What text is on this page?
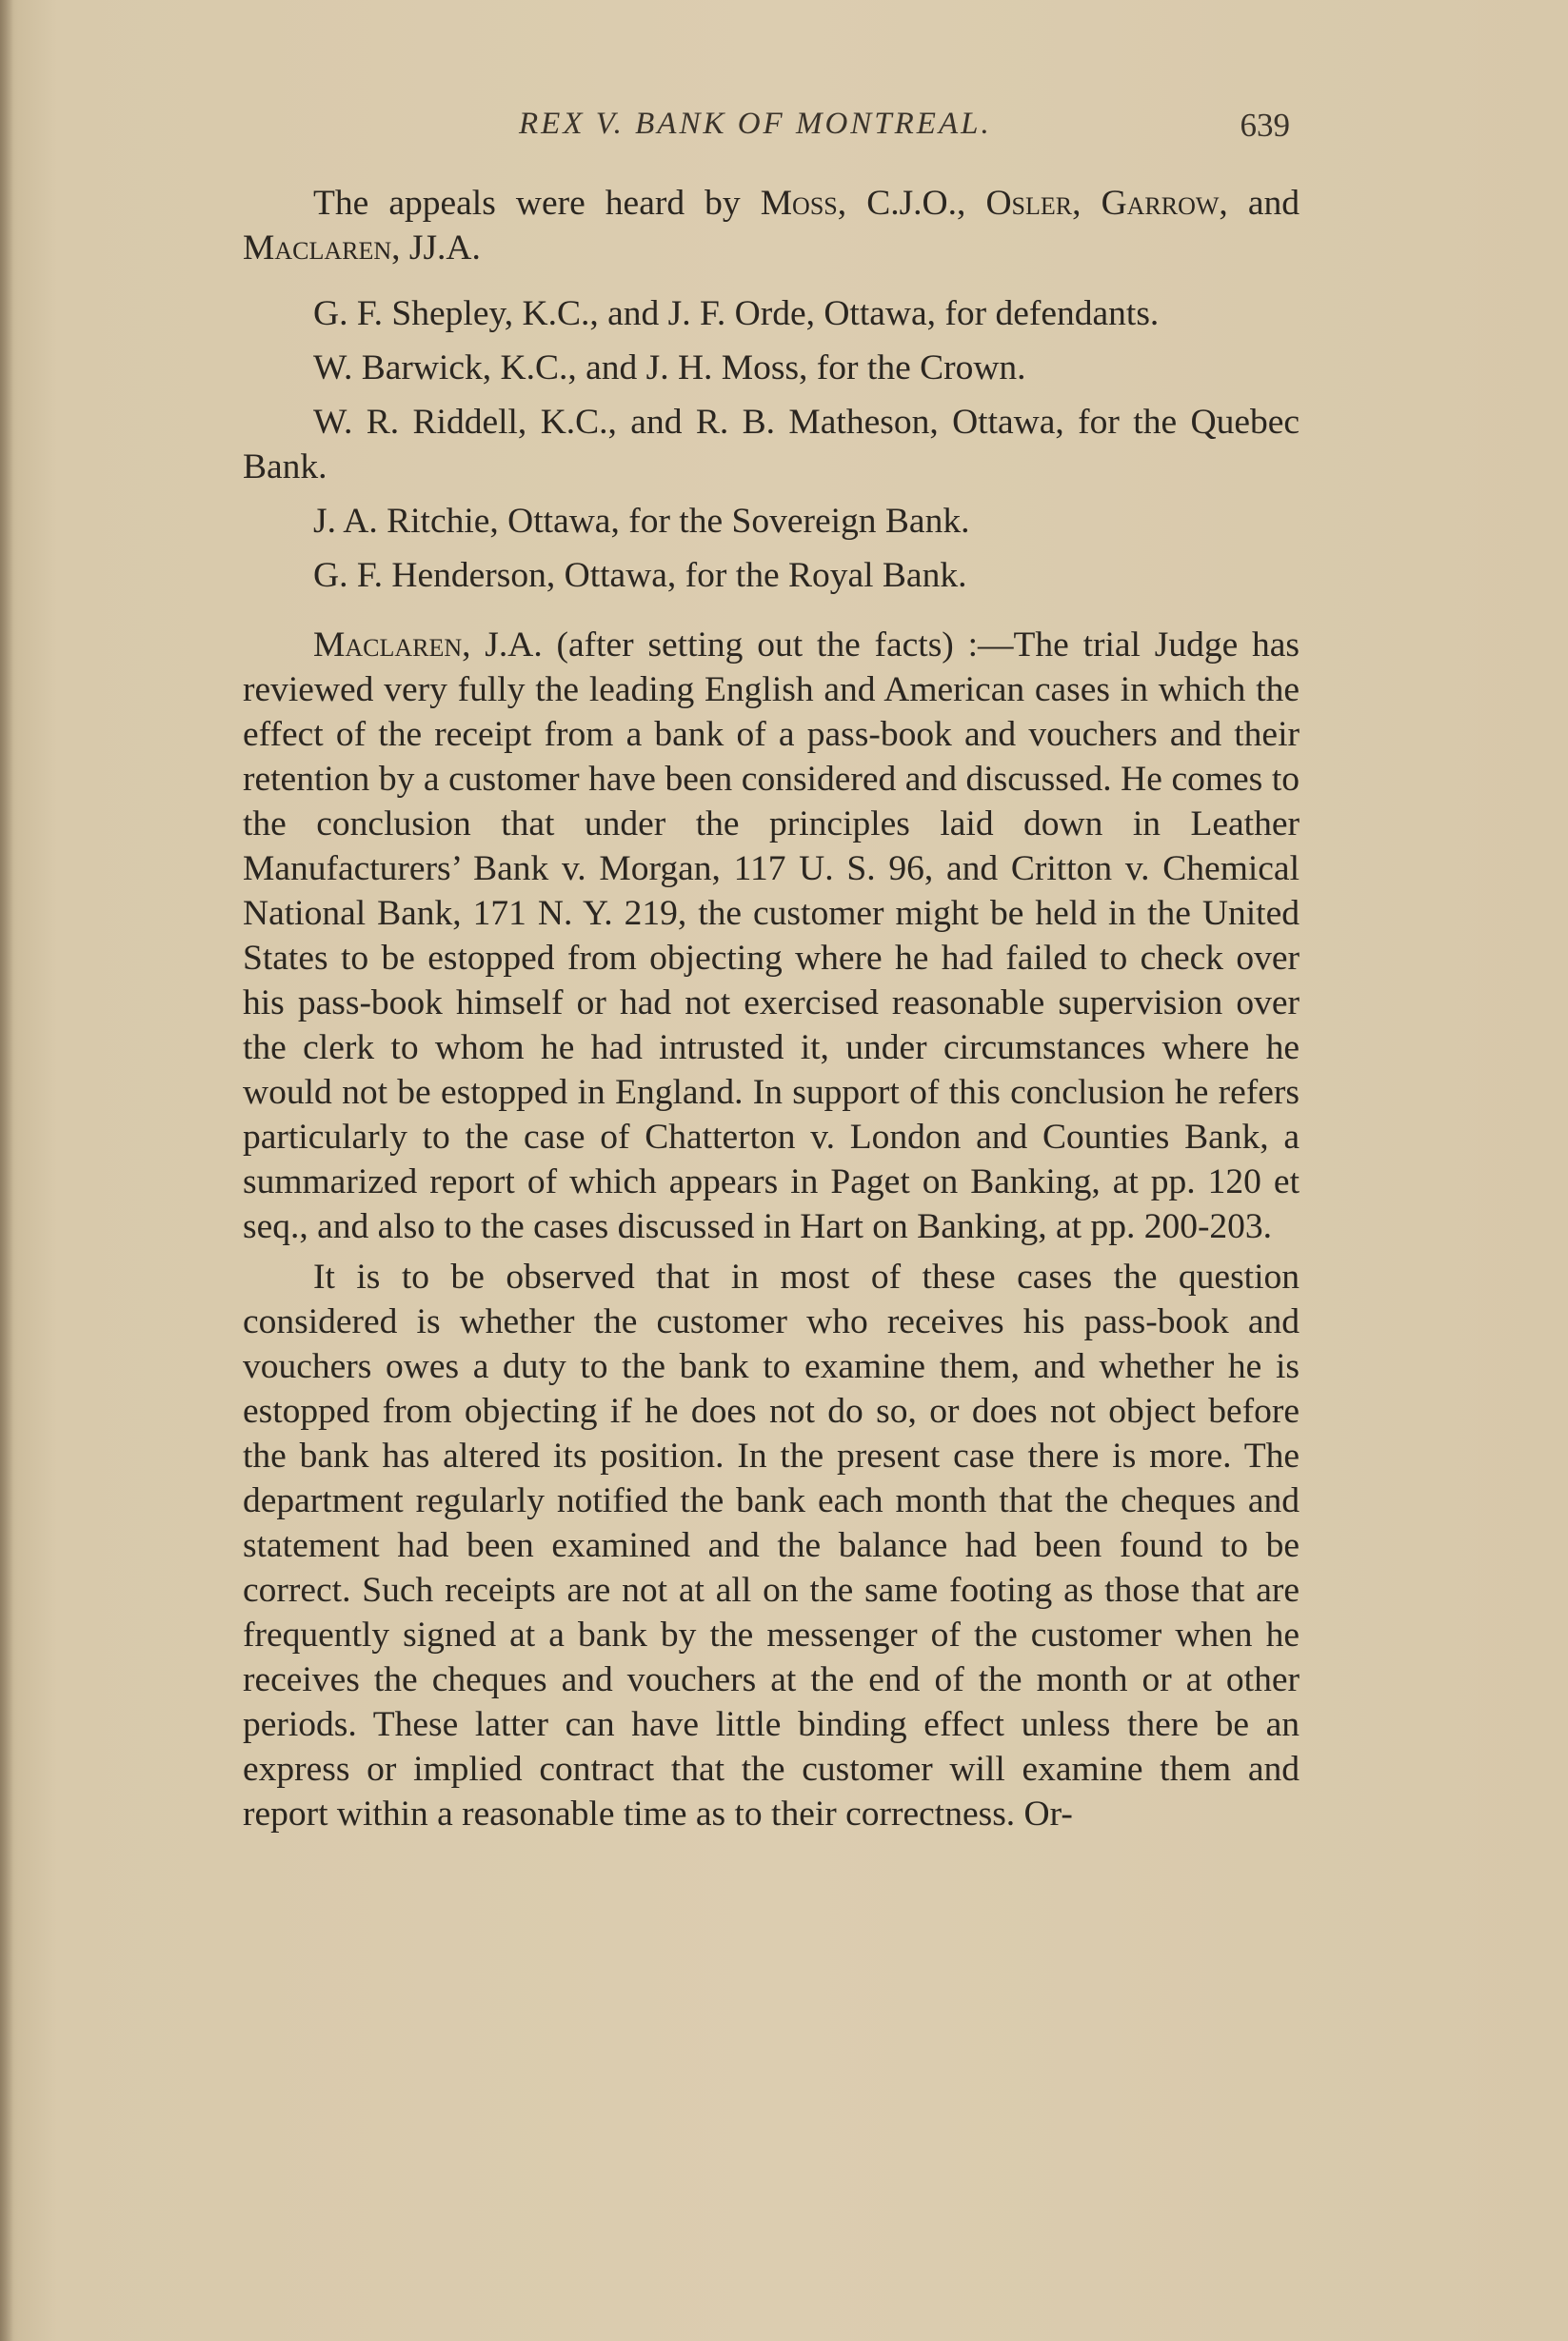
REX V. BANK OF MONTREAL.	639

The appeals were heard by Moss, C.J.O., Osler, Garrow, and Maclaren, JJ.A.

G. F. Shepley, K.C., and J. F. Orde, Ottawa, for defendants.

W. Barwick, K.C., and J. H. Moss, for the Crown.

W. R. Riddell, K.C., and R. B. Matheson, Ottawa, for the Quebec Bank.

J. A. Ritchie, Ottawa, for the Sovereign Bank.

G. F. Henderson, Ottawa, for the Royal Bank.

Maclaren, J.A. (after setting out the facts) :—The trial Judge has reviewed very fully the leading English and American cases in which the effect of the receipt from a bank of a pass-book and vouchers and their retention by a customer have been considered and discussed. He comes to the conclusion that under the principles laid down in Leather Manufacturers’ Bank v. Morgan, 117 U. S. 96, and Critton v. Chemical National Bank, 171 N. Y. 219, the customer might be held in the United States to be estopped from objecting where he had failed to check over his pass-book himself or had not exercised reasonable supervision over the clerk to whom he had intrusted it, under circumstances where he would not be estopped in England. In support of this conclusion he refers particularly to the case of Chatterton v. London and Counties Bank, a summarized report of which appears in Paget on Banking, at pp. 120 et seq., and also to the cases discussed in Hart on Banking, at pp. 200-203.

It is to be observed that in most of these cases the question considered is whether the customer who receives his pass-book and vouchers owes a duty to the bank to examine them, and whether he is estopped from objecting if he does not do so, or does not object before the bank has altered its position. In the present case there is more. The department regularly notified the bank each month that the cheques and statement had been examined and the balance had been found to be correct. Such receipts are not at all on the same footing as those that are frequently signed at a bank by the messenger of the customer when he receives the cheques and vouchers at the end of the month or at other periods. These latter can have little binding effect unless there be an express or implied contract that the customer will examine them and report within a reasonable time as to their correctness. Or-
